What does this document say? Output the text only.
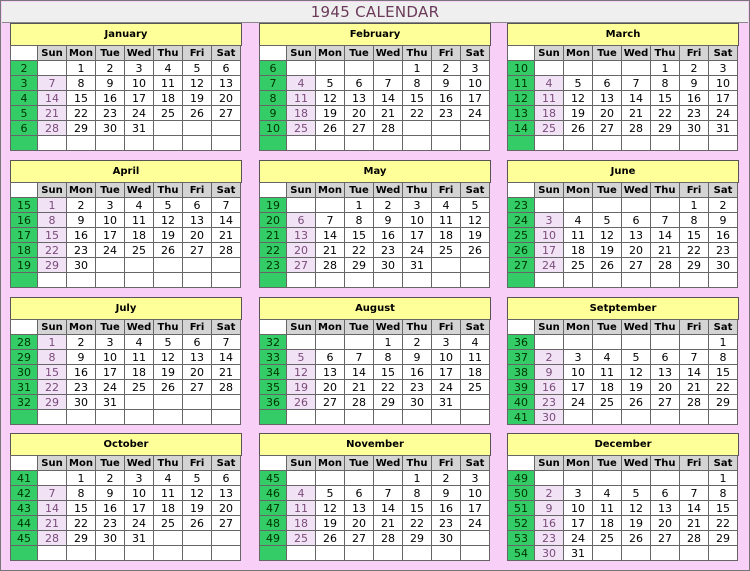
1945 CALENDAR
January
	Sun	Mon	Tue	Wed	Thu	Fri	Sat
2		1	2	3	4	5	6
3	7	8	9	10	11	12	13
4	14	15	16	17	18	19	20
5	21	22	23	24	25	26	27
6	28	29	30	31			

February
	Sun	Mon	Tue	Wed	Thu	Fri	Sat
6					1	2	3
7	4	5	6	7	8	9	10
8	11	12	13	14	15	16	17
9	18	19	20	21	22	23	24
10	25	26	27	28			

March
	Sun	Mon	Tue	Wed	Thu	Fri	Sat
10					1	2	3
11	4	5	6	7	8	9	10
12	11	12	13	14	15	16	17
13	18	19	20	21	22	23	24
14	25	26	27	28	29	30	31

April
	Sun	Mon	Tue	Wed	Thu	Fri	Sat
15	1	2	3	4	5	6	7
16	8	9	10	11	12	13	14
17	15	16	17	18	19	20	21
18	22	23	24	25	26	27	28
19	29	30					

May
	Sun	Mon	Tue	Wed	Thu	Fri	Sat
19			1	2	3	4	5
20	6	7	8	9	10	11	12
21	13	14	15	16	17	18	19
22	20	21	22	23	24	25	26
23	27	28	29	30	31		

June
	Sun	Mon	Tue	Wed	Thu	Fri	Sat
23						1	2
24	3	4	5	6	7	8	9
25	10	11	12	13	14	15	16
26	17	18	19	20	21	22	23
27	24	25	26	27	28	29	30

July
	Sun	Mon	Tue	Wed	Thu	Fri	Sat
28	1	2	3	4	5	6	7
29	8	9	10	11	12	13	14
30	15	16	17	18	19	20	21
31	22	23	24	25	26	27	28
32	29	30	31				

August
	Sun	Mon	Tue	Wed	Thu	Fri	Sat
32				1	2	3	4
33	5	6	7	8	9	10	11
34	12	13	14	15	16	17	18
35	19	20	21	22	23	24	25
36	26	27	28	29	30	31	

Setptember
	Sun	Mon	Tue	Wed	Thu	Fri	Sat
36							1
37	2	3	4	5	6	7	8
38	9	10	11	12	13	14	15
39	16	17	18	19	20	21	22
40	23	24	25	26	27	28	29
41	30						
October
	Sun	Mon	Tue	Wed	Thu	Fri	Sat
41		1	2	3	4	5	6
42	7	8	9	10	11	12	13
43	14	15	16	17	18	19	20
44	21	22	23	24	25	26	27
45	28	29	30	31			

November
	Sun	Mon	Tue	Wed	Thu	Fri	Sat
45					1	2	3
46	4	5	6	7	8	9	10
47	11	12	13	14	15	16	17
48	18	19	20	21	22	23	24
49	25	26	27	28	29	30	

December
	Sun	Mon	Tue	Wed	Thu	Fri	Sat
49							1
50	2	3	4	5	6	7	8
51	9	10	11	12	13	14	15
52	16	17	18	19	20	21	22
53	23	24	25	26	27	28	29
54	30	31					
